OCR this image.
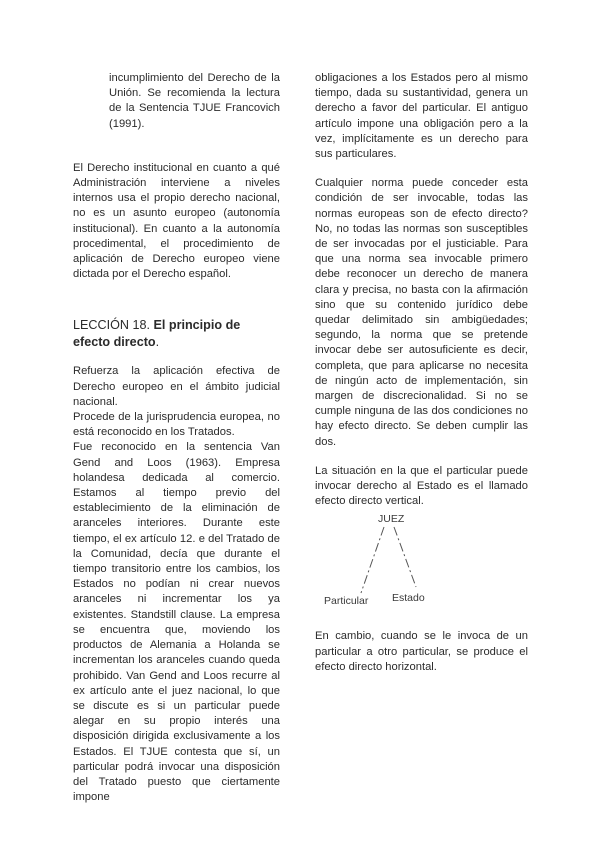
incumplimiento del Derecho de la Unión. Se recomienda la lectura de la Sentencia TJUE Francovich (1991).

El Derecho institucional en cuanto a qué Administración interviene a niveles internos usa el propio derecho nacional, no es un asunto europeo (autonomía institucional). En cuanto a la autonomía procedimental, el procedimiento de aplicación de Derecho europeo viene dictada por el Derecho español.

LECCIÓN 18. El principio de efecto directo.

Refuerza la aplicación efectiva de Derecho europeo en el ámbito judicial nacional.

Procede de la jurisprudencia europea, no está reconocido en los Tratados.

Fue reconocido en la sentencia Van Gend and Loos (1963). Empresa holandesa dedicada al comercio. Estamos al tiempo previo del establecimiento de la eliminación de aranceles interiores. Durante este tiempo, el ex artículo 12. e del Tratado de la Comunidad, decía que durante el tiempo transitorio entre los cambios, los Estados no podían ni crear nuevos aranceles ni incrementar los ya existentes. Standstill clause. La empresa se encuentra que, moviendo los productos de Alemania a Holanda se incrementan los aranceles cuando queda prohibido. Van Gend and Loos recurre al ex artículo ante el juez nacional, lo que se discute es si un particular puede alegar en su propio interés una disposición dirigida exclusivamente a los Estados. El TJUE contesta que sí, un particular podrá invocar una disposición del Tratado puesto que ciertamente impone

obligaciones a los Estados pero al mismo tiempo, dada su sustantividad, genera un derecho a favor del particular. El antiguo artículo impone una obligación pero a la vez, implícitamente es un derecho para sus particulares.

Cualquier norma puede conceder esta condición de ser invocable, todas las normas europeas son de efecto directo? No, no todas las normas son susceptibles de ser invocadas por el justiciable. Para que una norma sea invocable primero debe reconocer un derecho de manera clara y precisa, no basta con la afirmación sino que su contenido jurídico debe quedar delimitado sin ambigüedades; segundo, la norma que se pretende invocar debe ser autosuficiente es decir, completa, que para aplicarse no necesita de ningún acto de implementación, sin margen de discrecionalidad. Si no se cumple ninguna de las dos condiciones no hay efecto directo. Se deben cumplir las dos.

La situación en la que el particular puede invocar derecho al Estado es el llamado efecto directo vertical.

JUEZ
Particular Estado

En cambio, cuando se le invoca de un particular a otro particular, se produce el efecto directo horizontal.
